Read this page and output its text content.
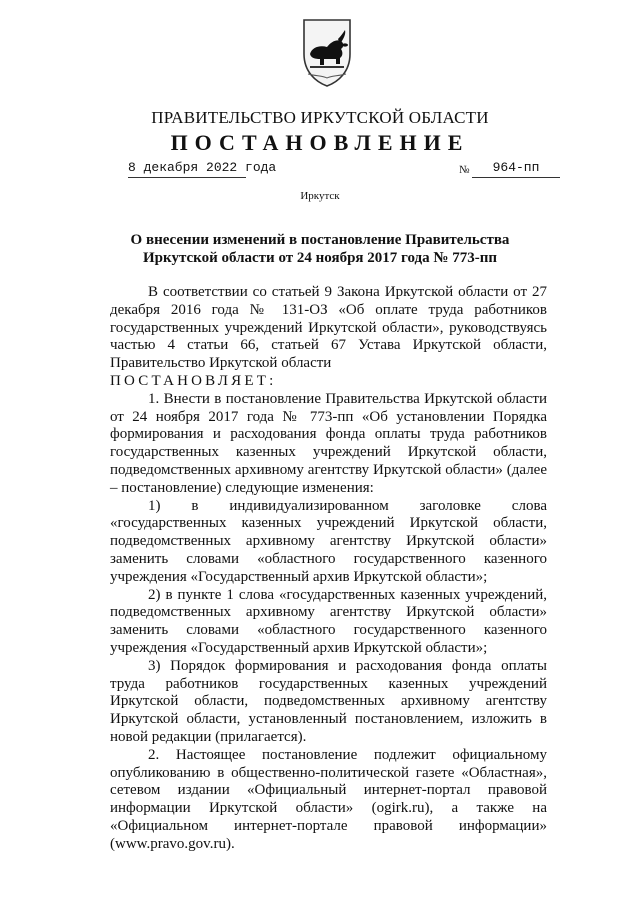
ПРАВИТЕЛЬСТВО ИРКУТСКОЙ ОБЛАСТИ
ПОСТАНОВЛЕНИЕ
8 декабря 2022 года	№	964-пп
Иркутск
О внесении изменений в постановление Правительства Иркутской области от 24 ноября 2017 года № 773-пп

В соответствии со статьей 9 Закона Иркутской области от 27 декабря 2016 года № 131-ОЗ «Об оплате труда работников государственных учреждений Иркутской области», руководствуясь частью 4 статьи 66, статьей 67 Устава Иркутской области, Правительство Иркутской области

ПОСТАНОВЛЯЕТ:

1. Внести в постановление Правительства Иркутской области от 24 ноября 2017 года № 773-пп «Об установлении Порядка формирования и расходования фонда оплаты труда работников государственных казенных учреждений Иркутской области, подведомственных архивному агентству Иркутской области» (далее – постановление) следующие изменения:

1) в индивидуализированном заголовке слова «государственных казенных учреждений Иркутской области, подведомственных архивному агентству Иркутской области» заменить словами «областного государственного казенного учреждения «Государственный архив Иркутской области»;

2) в пункте 1 слова «государственных казенных учреждений, подведомственных архивному агентству Иркутской области» заменить словами «областного государственного казенного учреждения «Государственный архив Иркутской области»;

3) Порядок формирования и расходования фонда оплаты труда работников государственных казенных учреждений Иркутской области, подведомственных архивному агентству Иркутской области, установленный постановлением, изложить в новой редакции (прилагается).

2. Настоящее постановление подлежит официальному опубликованию в общественно-политической газете «Областная», сетевом издании «Официальный интернет-портал правовой информации Иркутской области» (ogirk.ru), а также на «Официальном интернет-портале правовой информации» (www.pravo.gov.ru).
